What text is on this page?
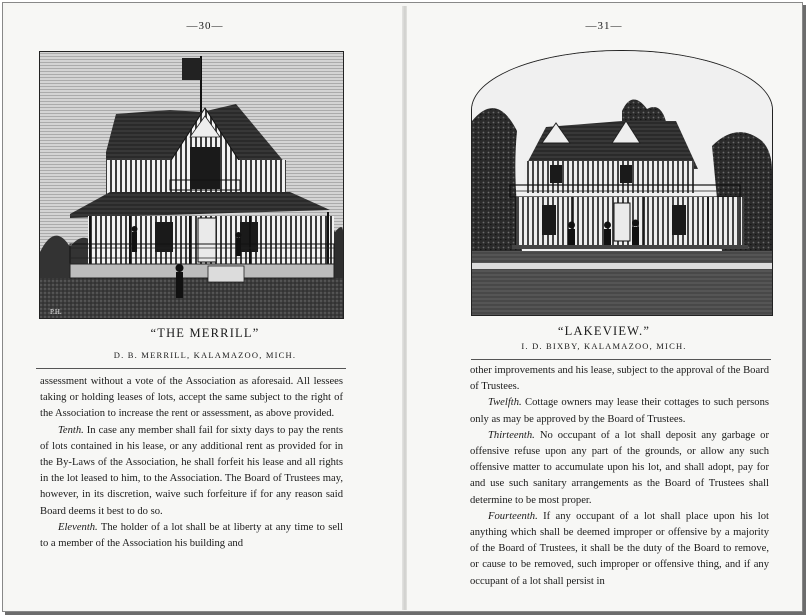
—30—
P.H.
“THE MERRILL”
D. B. MERRILL, KALAMAZOO, MICH.

assessment without a vote of the Association as aforesaid. All lessees taking or holding leases of lots, accept the same subject to the right of the Association to increase the rent or assessment, as above provided.

Tenth. In case any member shall fail for sixty days to pay the rents of lots contained in his lease, or any additional rent as provided for in the By-Laws of the Association, he shall forfeit his lease and all rights in the lot leased to him, to the Association. The Board of Trustees may, however, in its discretion, waive such forfeiture if for any reason said Board deems it best to do so.

Eleventh. The holder of a lot shall be at liberty at any time to sell to a member of the Association his building and

—31—
“LAKEVIEW.”
I. D. BIXBY, KALAMAZOO, MICH.

other improvements and his lease, subject to the approval of the Board of Trustees.

Twelfth. Cottage owners may lease their cottages to such persons only as may be approved by the Board of Trustees.

Thirteenth. No occupant of a lot shall deposit any garbage or offensive refuse upon any part of the grounds, or allow any such offensive matter to accumulate upon his lot, and shall adopt, pay for and use such sanitary arrangements as the Board of Trustees shall determine to be most proper.

Fourteenth. If any occupant of a lot shall place upon his lot anything which shall be deemed improper or offensive by a majority of the Board of Trustees, it shall be the duty of the Board to remove, or cause to be removed, such improper or offensive thing, and if any occupant of a lot shall persist in
